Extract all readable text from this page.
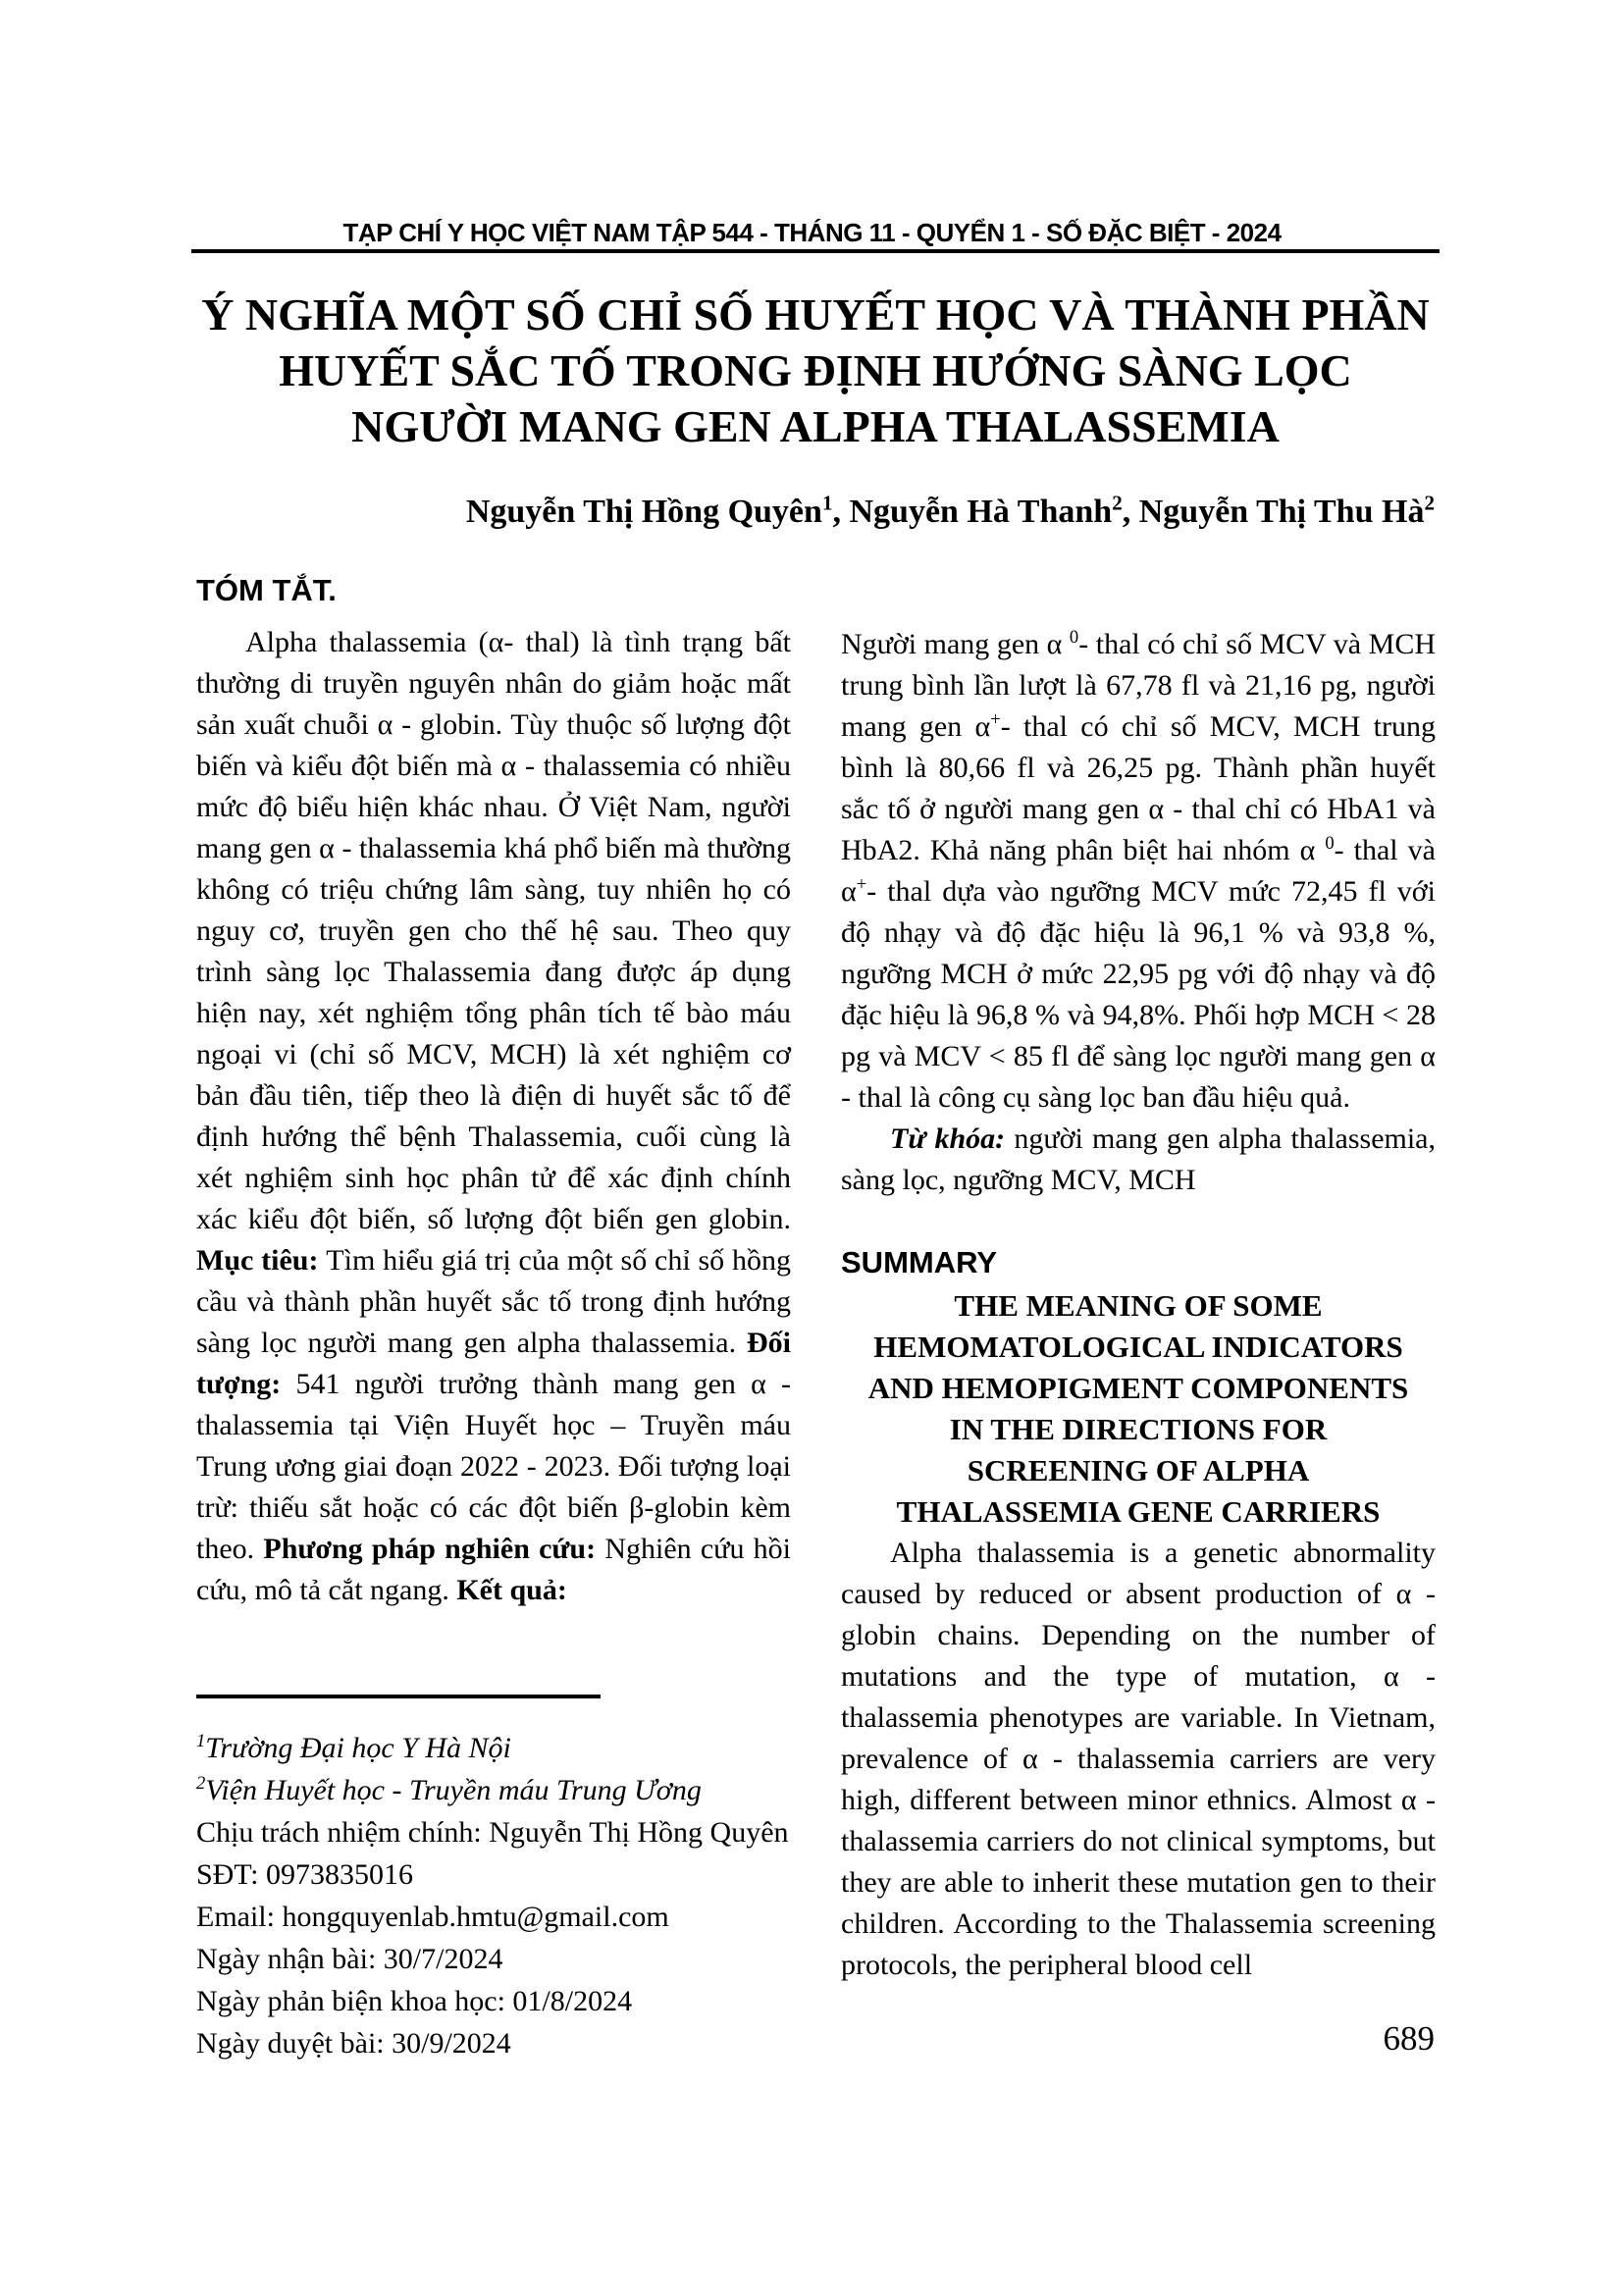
TẠP CHÍ Y HỌC VIỆT NAM TẬP 544 - THÁNG 11 - QUYỂN 1 - SỐ ĐẶC BIỆT - 2024
Ý NGHĨA MỘT SỐ CHỈ SỐ HUYẾT HỌC VÀ THÀNH PHẦN
HUYẾT SẮC TỐ TRONG ĐỊNH HƯỚNG SÀNG LỌC
NGƯỜI MANG GEN ALPHA THALASSEMIA
Nguyễn Thị Hồng Quyên$^1$, Nguyễn Hà Thanh$^2$, Nguyễn Thị Thu $Hà^2$
TÓM TẮT.

Alpha thalassemia (α- thal) là tình trạng bất thường di truyền nguyên nhân do giảm hoặc mất sản xuất chuỗi α - globin. Tùy thuộc số lượng đột biến và kiểu đột biến mà α - thalassemia có nhiều mức độ biểu hiện khác nhau. Ở Việt Nam, người mang gen α - thalassemia khá phổ biến mà thường không có triệu chứng lâm sàng, tuy nhiên họ có nguy cơ, truyền gen cho thế hệ sau. Theo quy trình sàng lọc Thalassemia đang được áp dụng hiện nay, xét nghiệm tổng phân tích tế bào máu ngoại vi (chỉ số MCV, MCH) là xét nghiệm cơ bản đầu tiên, tiếp theo là điện di huyết sắc tố để định hướng thể bệnh Thalassemia, cuối cùng là xét nghiệm sinh học phân tử để xác định chính xác kiểu đột biến, số lượng đột biến gen globin. Mục tiêu: Tìm hiểu giá trị của một số chỉ số hồng cầu và thành phần huyết sắc tố trong định hướng sàng lọc người mang gen alpha thalassemia. Đối tượng: 541 người trưởng thành mang gen α - thalassemia tại Viện Huyết học – Truyền máu Trung ương giai đoạn 2022 - 2023. Đối tượng loại trừ: thiếu sắt hoặc có các đột biến β-globin kèm theo. Phương pháp nghiên cứu: Nghiên cứu hồi cứu, mô tả cắt ngang. Kết quả:

$^1$Trường Đại học Y Hà Nội
$^2$Viện Huyết học - Truyền máu Trung Ương
Chịu trách nhiệm chính: Nguyễn Thị Hồng Quyên
SĐT: 0973835016
Email: hongquyenlab.hmtu@gmail.com
Ngày nhận bài: 30/7/2024
Ngày phản biện khoa học: 01/8/2024
Ngày duyệt bài: 30/9/2024

Người mang gen α $^0$- thal có chỉ số MCV và MCH trung bình lần lượt là 67,78 fl và 21,16 pg, người mang gen α+- thal có chỉ số MCV, MCH trung bình là 80,66 fl và 26,25 pg. Thành phần huyết sắc tố ở người mang gen α - thal chỉ có HbA1 và HbA2. Khả năng phân biệt hai nhóm α $^0$- thal và α+- thal dựa vào ngưỡng MCV mức 72,45 fl với độ nhạy và độ đặc hiệu là 96,1 % và 93,8 %, ngưỡng MCH ở mức 22,95 pg với độ nhạy và độ đặc hiệu là 96,8 % và 94,8%. Phối hợp MCH < 28 pg và MCV < 85 fl để sàng lọc người mang gen α - thal là công cụ sàng lọc ban đầu hiệu quả.

Từ khóa: người mang gen alpha thalassemia, sàng lọc, ngưỡng MCV, MCH

SUMMARY
THE MEANING OF SOME
HEMOMATOLOGICAL INDICATORS
AND HEMOPIGMENT COMPONENTS
IN THE DIRECTIONS FOR
SCREENING OF ALPHA
THALASSEMIA GENE CARRIERS

Alpha thalassemia is a genetic abnormality caused by reduced or absent production of α - globin chains. Depending on the number of mutations and the type of mutation, α - thalassemia phenotypes are variable. In Vietnam, prevalence of α - thalassemia carriers are very high, different between minor ethnics. Almost α - thalassemia carriers do not clinical symptoms, but they are able to inherit these mutation gen to their children. According to the Thalassemia screening protocols, the peripheral blood cell

689
